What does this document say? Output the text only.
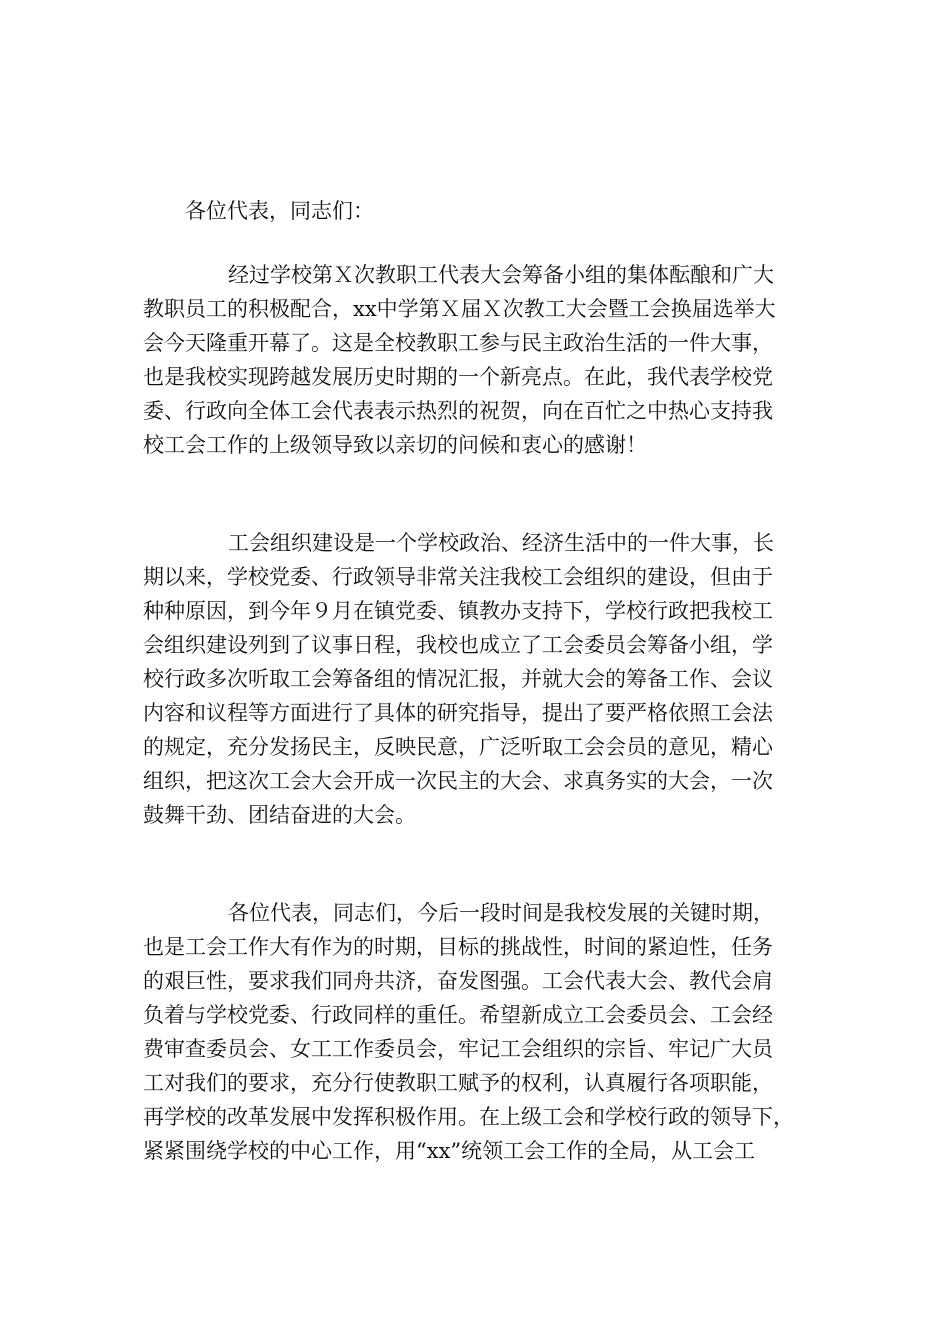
各位代表，同志们：
经过学校第Ｘ次教职工代表大会筹备小组的集体酝酿和广大
教职员工的积极配合，xx中学第Ｘ届Ｘ次教工大会暨工会换届选举大
会今天隆重开幕了。这是全校教职工参与民主政治生活的一件大事，
也是我校实现跨越发展历史时期的一个新亮点。在此，我代表学校党
委、行政向全体工会代表表示热烈的祝贺，向在百忙之中热心支持我
校工会工作的上级领导致以亲切的问候和衷心的感谢！
工会组织建设是一个学校政治、经济生活中的一件大事，长
期以来，学校党委、行政领导非常关注我校工会组织的建设，但由于
种种原因，到今年９月在镇党委、镇教办支持下，学校行政把我校工
会组织建设列到了议事日程，我校也成立了工会委员会筹备小组，学
校行政多次听取工会筹备组的情况汇报，并就大会的筹备工作、会议
内容和议程等方面进行了具体的研究指导，提出了要严格依照工会法
的规定，充分发扬民主，反映民意，广泛听取工会会员的意见，精心
组织，把这次工会大会开成一次民主的大会、求真务实的大会，一次
鼓舞干劲、团结奋进的大会。
各位代表，同志们，今后一段时间是我校发展的关键时期，
也是工会工作大有作为的时期，目标的挑战性，时间的紧迫性，任务
的艰巨性，要求我们同舟共济，奋发图强。工会代表大会、教代会肩
负着与学校党委、行政同样的重任。希望新成立工会委员会、工会经
费审查委员会、女工工作委员会，牢记工会组织的宗旨、牢记广大员
工对我们的要求，充分行使教职工赋予的权利，认真履行各项职能，
再学校的改革发展中发挥积极作用。在上级工会和学校行政的领导下，
紧紧围绕学校的中心工作，用“xx”统领工会工作的全局，从工会工
